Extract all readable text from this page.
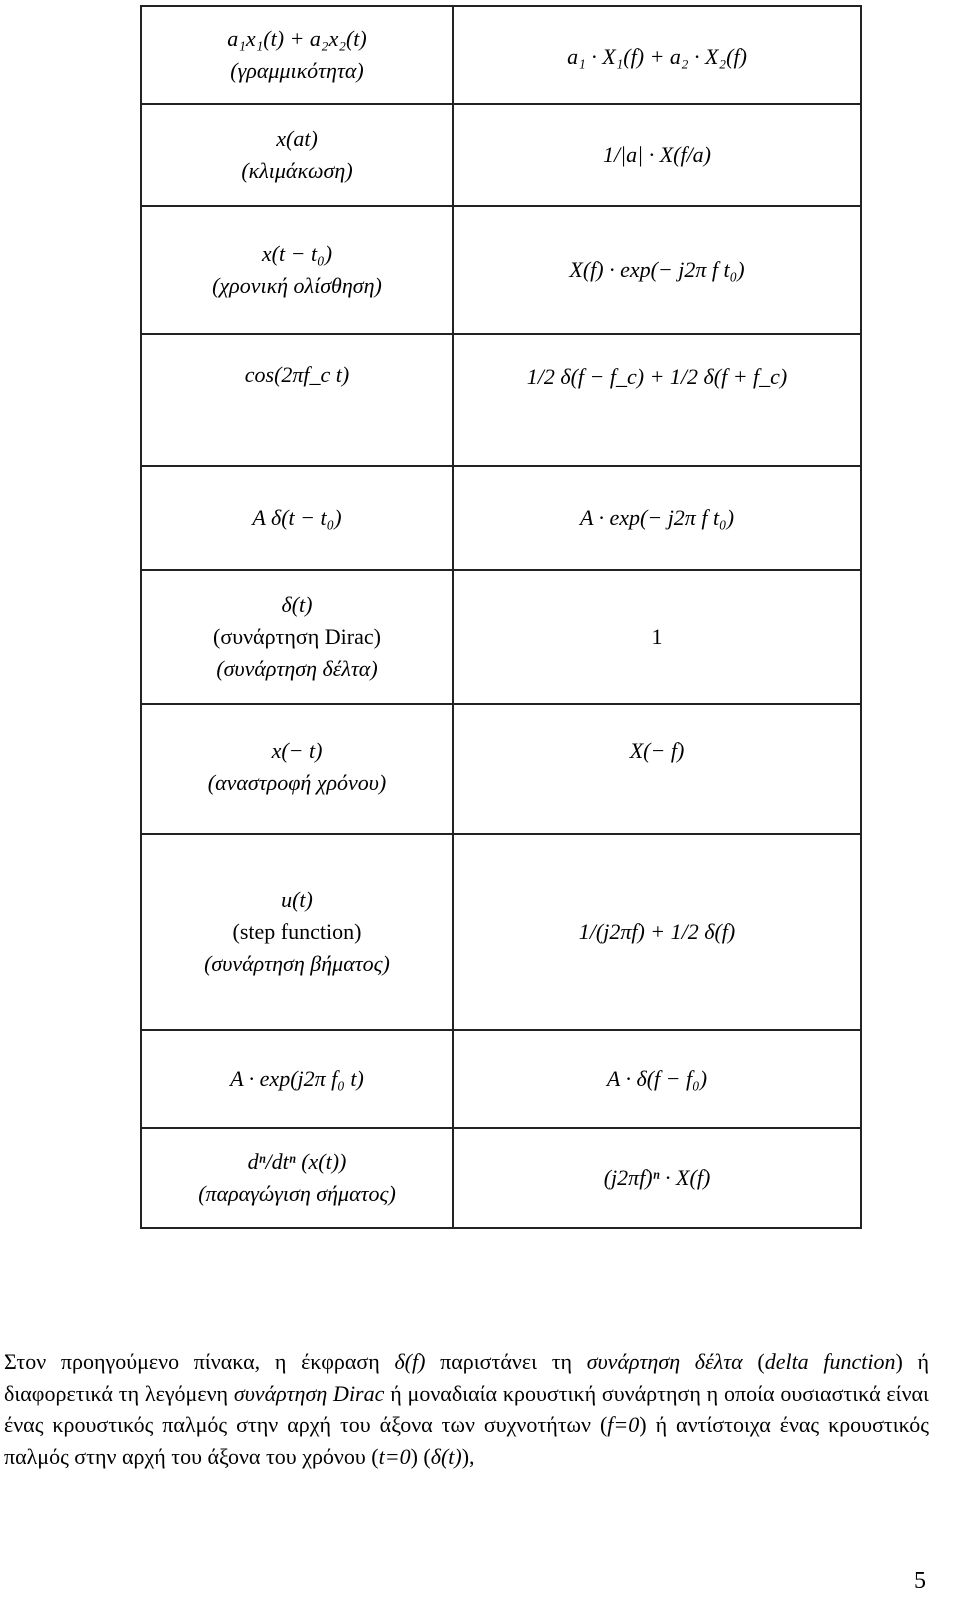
a₁x₁(t) + a₂x₂(t)
(γραμμικότητα)	a₁ · X₁(f) + a₂ · X₂(f)

x(at)
(κλιμάκωση)	1/|a| · X(f/a)

x(t − t₀)
(χρονική ολίσθηση)	X(f) · exp(− j2π f t₀)
cos(2πf_c t)	1/2 δ(f − f_c) + 1/2 δ(f + f_c)
A δ(t − t₀)	A · exp(− j2π f t₀)

δ(t)
(συνάρτηση Dirac)
(συνάρτηση δέλτα)	1

x(− t)
(αναστροφή χρόνου)	X(− f)

u(t)
(step function)
(συνάρτηση βήματος)	1/(j2πf) + 1/2 δ(f)
A · exp(j2π f₀ t)	A · δ(f − f₀)

dⁿ/dtⁿ (x(t))
(παραγώγιση σήματος)	(j2πf)ⁿ · X(f)

Στον προηγούμενο πίνακα, η έκφραση δ(f) παριστάνει τη συνάρτηση δέλτα (delta function) ή διαφορετικά τη λεγόμενη συνάρτηση Dirac ή μοναδιαία κρουστική συνάρτηση η οποία ουσιαστικά είναι ένας κρουστικός παλμός στην αρχή του άξονα των συχνοτήτων (f=0) ή αντίστοιχα ένας κρουστικός παλμός στην αρχή του άξονα του χρόνου (t=0) (δ(t)),

5
